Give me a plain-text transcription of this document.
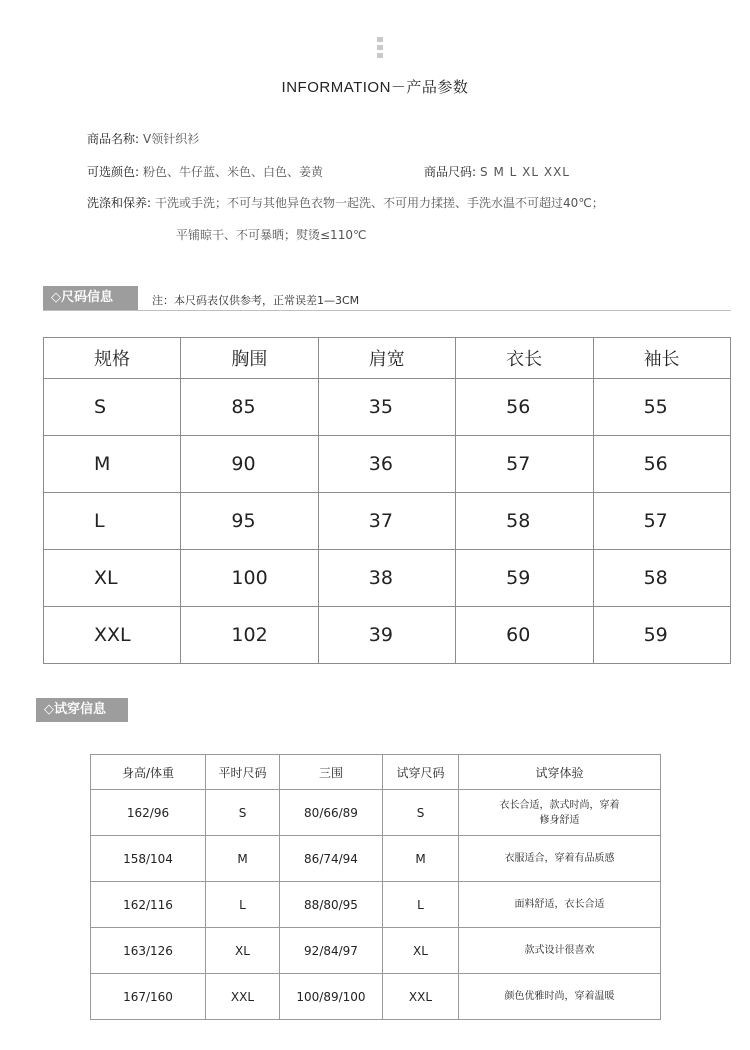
INFORMATION－产品参数
商品名称: V领针织衫
可选颜色: 粉色、牛仔蓝、米色、白色、姜黄	商品尺码: S M L XL XXL
洗涤和保养: 干洗或手洗；不可与其他异色衣物一起洗、不可用力揉搓、手洗水温不可超过40℃；
平铺晾干、不可暴晒；熨烫≤110℃
◇尺码信息	注：本尺码表仅供参考，正常误差1—3CM
规格	胸围	肩宽	衣长	袖长
S	85	35	56	55
M	90	36	57	56
L	95	37	58	57
XL	100	38	59	58
XXL	102	39	60	59
◇试穿信息
身高/体重	平时尺码	三围	试穿尺码	试穿体验
162/96	S	80/66/89	S	衣长合适，款式时尚，穿着
修身舒适
158/104	M	86/74/94	M	衣服适合，穿着有品质感
162/116	L	88/80/95	L	面料舒适，衣长合适
163/126	XL	92/84/97	XL	款式设计很喜欢
167/160	XXL	100/89/100	XXL	颜色优雅时尚，穿着温暖
